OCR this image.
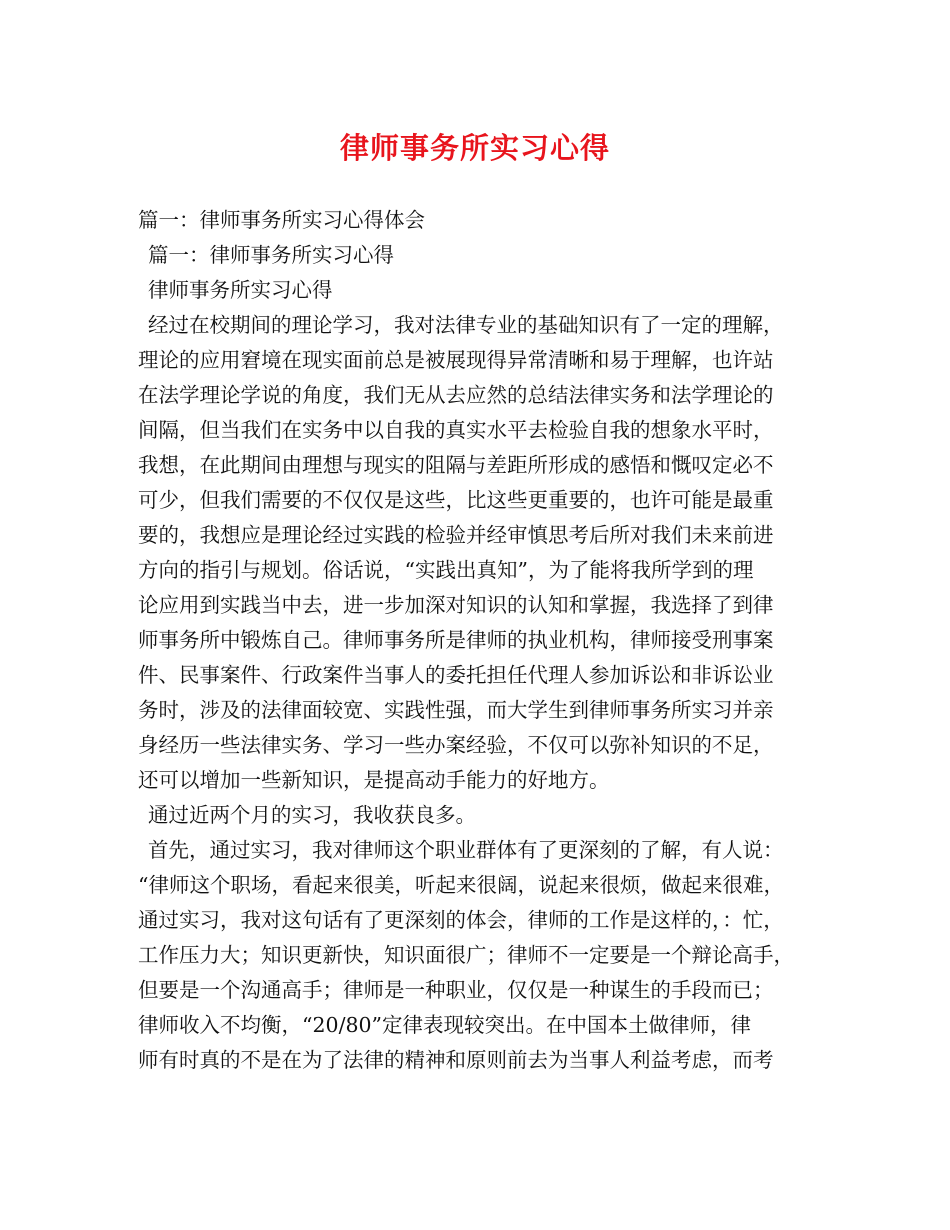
律师事务所实习心得
篇一：律师事务所实习心得体会
篇一：律师事务所实习心得
律师事务所实习心得
经过在校期间的理论学习，我对法律专业的基础知识有了一定的理解，
理论的应用窘境在现实面前总是被展现得异常清晰和易于理解，也许站
在法学理论学说的角度，我们无从去应然的总结法律实务和法学理论的
间隔，但当我们在实务中以自我的真实水平去检验自我的想象水平时，
我想，在此期间由理想与现实的阻隔与差距所形成的感悟和慨叹定必不
可少，但我们需要的不仅仅是这些，比这些更重要的，也许可能是最重
要的，我想应是理论经过实践的检验并经审慎思考后所对我们未来前进
方向的指引与规划。俗话说，“实践出真知”，为了能将我所学到的理
论应用到实践当中去，进一步加深对知识的认知和掌握，我选择了到律
师事务所中锻炼自己。律师事务所是律师的执业机构，律师接受刑事案
件、民事案件、行政案件当事人的委托担任代理人参加诉讼和非诉讼业
务时，涉及的法律面较宽、实践性强，而大学生到律师事务所实习并亲
身经历一些法律实务、学习一些办案经验，不仅可以弥补知识的不足，
还可以增加一些新知识，是提高动手能力的好地方。
通过近两个月的实习，我收获良多。
首先，通过实习，我对律师这个职业群体有了更深刻的了解，有人说：
“律师这个职场，看起来很美，听起来很阔，说起来很烦，做起来很难，
通过实习，我对这句话有了更深刻的体会，律师的工作是这样的，：忙，
工作压力大；知识更新快，知识面很广；律师不一定要是一个辩论高手，
但要是一个沟通高手；律师是一种职业，仅仅是一种谋生的手段而已；
律师收入不均衡，“20/80”定律表现较突出。在中国本土做律师，律
师有时真的不是在为了法律的精神和原则前去为当事人利益考虑，而考
